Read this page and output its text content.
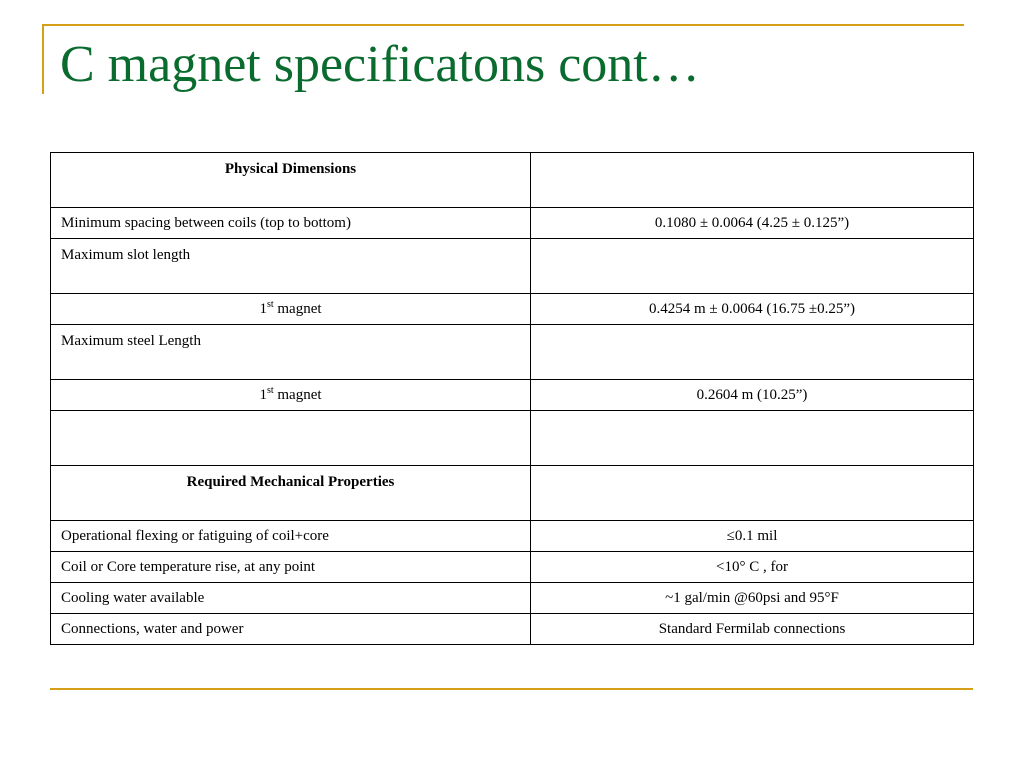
C magnet specificatons cont…
Physical Dimensions	
Minimum spacing between coils (top to bottom)	0.1080 ± 0.0064 (4.25 ± 0.125”)
Maximum slot length	
1st magnet	0.4254 m ± 0.0064 (16.75 ±0.25”)
Maximum steel Length	
1st magnet	0.2604 m (10.25”)

Required Mechanical Properties	
Operational flexing or fatiguing of coil+core	≤0.1 mil
Coil or Core temperature rise, at any point	<10° C , for
Cooling water available	~1 gal/min @60psi and 95°F
Connections, water and power	Standard Fermilab connections
